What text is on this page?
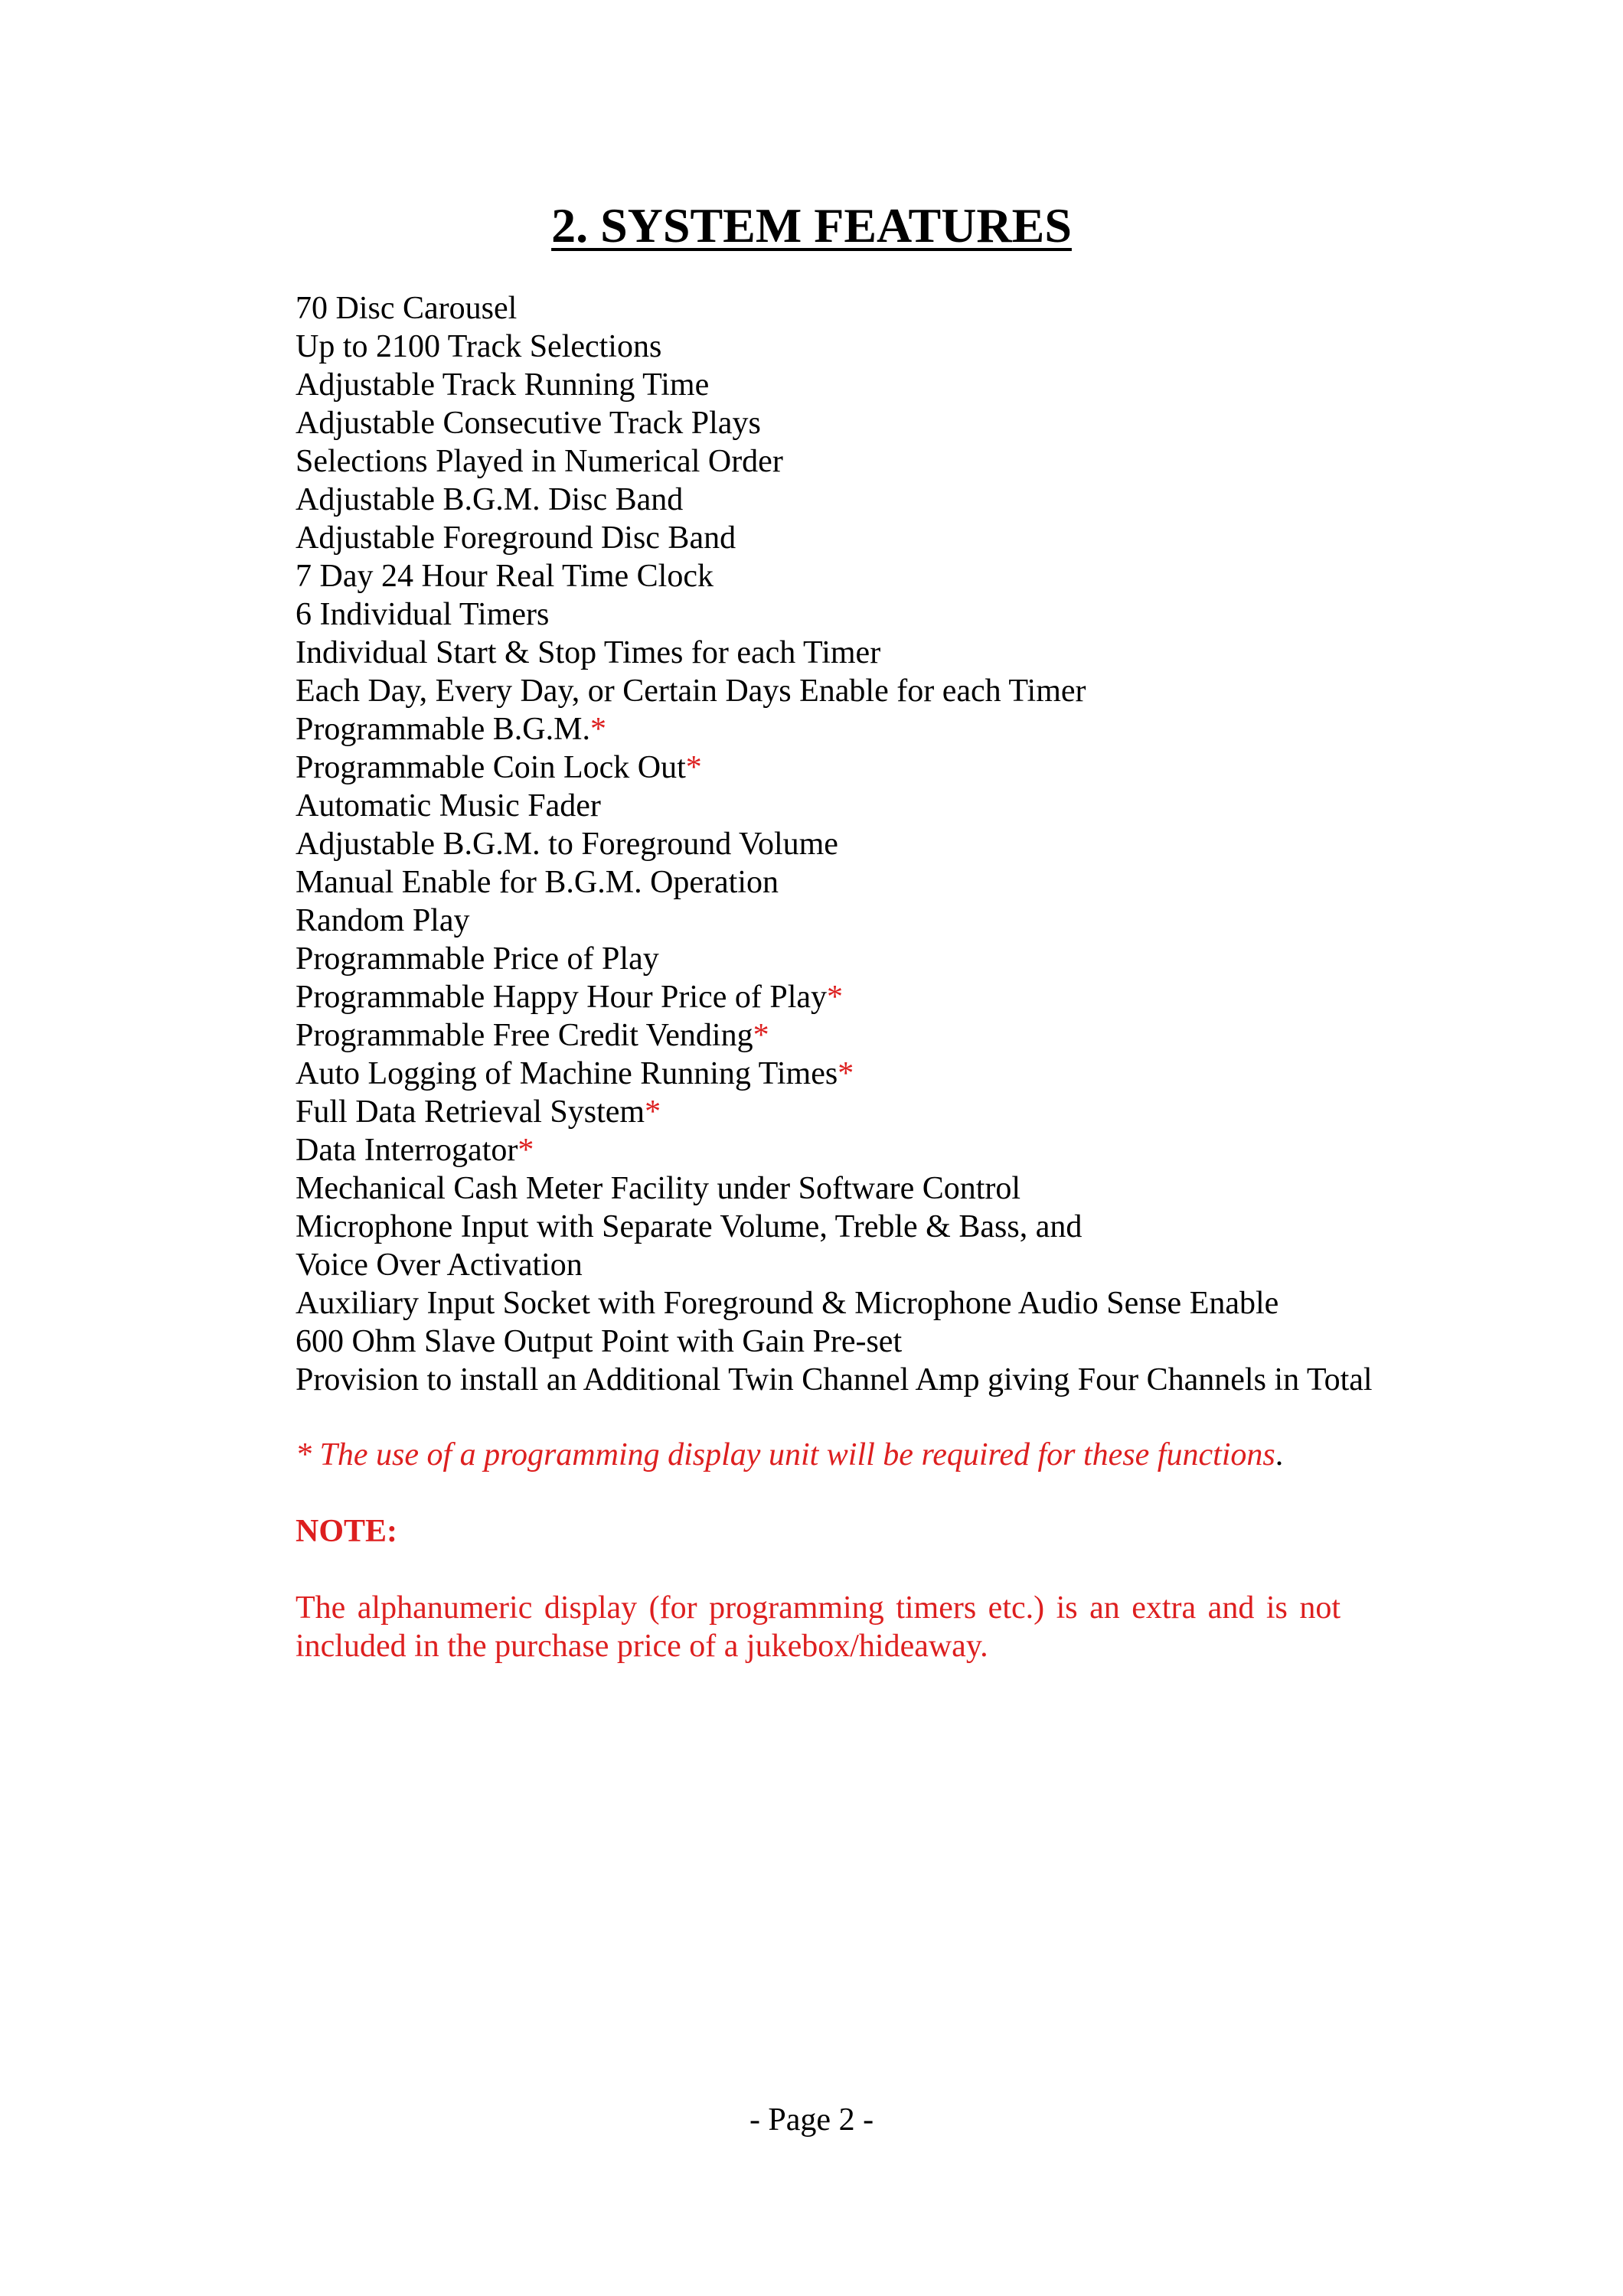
2. SYSTEM FEATURES
70 Disc Carousel
Up to 2100 Track Selections
Adjustable Track Running Time
Adjustable Consecutive Track Plays
Selections Played in Numerical Order
Adjustable B.G.M. Disc Band
Adjustable Foreground Disc Band
7 Day 24 Hour Real Time Clock
6 Individual Timers
Individual Start & Stop Times for each Timer
Each Day, Every Day, or Certain Days Enable for each Timer
Programmable B.G.M.*
Programmable Coin Lock Out*
Automatic Music Fader
Adjustable B.G.M. to Foreground Volume
Manual Enable for B.G.M. Operation
Random Play
Programmable Price of Play
Programmable Happy Hour Price of Play*
Programmable Free Credit Vending*
Auto Logging of Machine Running Times*
Full Data Retrieval System*
Data Interrogator*
Mechanical Cash Meter Facility under Software Control
Microphone Input with Separate Volume, Treble & Bass, and
Voice Over Activation
Auxiliary Input Socket with Foreground & Microphone Audio Sense Enable
600 Ohm Slave Output Point with Gain Pre-set
Provision to install an Additional Twin Channel Amp giving Four Channels in Total
* The use of a programming display unit will be required for these functions.
NOTE:
The alphanumeric display (for programming timers etc.) is an extra and is not included in the purchase price of a jukebox/hideaway.
- Page 2 -
